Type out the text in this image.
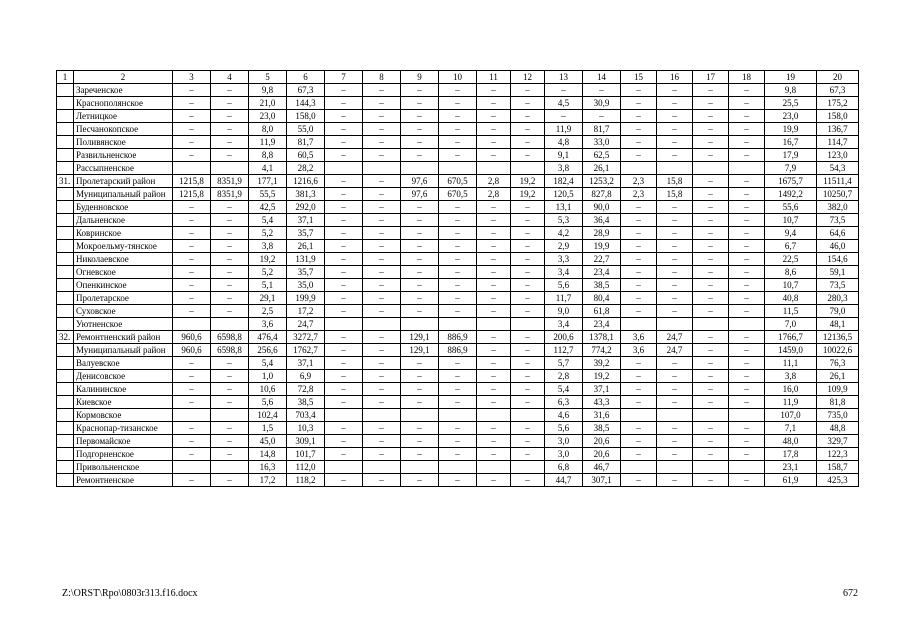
1	2	3	4	5	6	7	8	9	10	11	12	13	14	15	16	17	18	19	20
	Зареченское	–	–	9,8	67,3	–	–	–	–	–	–	–	–	–	–	–	–	9,8	67,3
	Краснополянское	–	–	21,0	144,3	–	–	–	–	–	–	4,5	30,9	–	–	–	–	25,5	175,2
	Летницкое	–	–	23,0	158,0	–	–	–	–	–	–	–	–	–	–	–	–	23,0	158,0
	Песчанокопское	–	–	8,0	55,0	–	–	–	–	–	–	11,9	81,7	–	–	–	–	19,9	136,7
	Поливянское	–	–	11,9	81,7	–	–	–	–	–	–	4,8	33,0	–	–	–	–	16,7	114,7
	Развильненское	–	–	8,8	60,5	–	–	–	–	–	–	9,1	62,5	–	–	–	–	17,9	123,0
	Рассыпненское			4,1	28,2							3,8	26,1					7,9	54,3
31.	Пролетарский район	1215,8	8351,9	177,1	1216,6	–	–	97,6	670,5	2,8	19,2	182,4	1253,2	2,3	15,8	–	–	1675,7	11511,4
	Муниципальный район	1215,8	8351,9	55,5	381,3	–	–	97,6	670,5	2,8	19,2	120,5	827,8	2,3	15,8	–	–	1492,2	10250,7
	Буденновское	–	–	42,5	292,0	–	–	–	–	–	–	13,1	90,0	–	–	–	–	55,6	382,0
	Дальненское	–	–	5,4	37,1	–	–	–	–	–	–	5,3	36,4	–	–	–	–	10,7	73,5
	Ковринское	–	–	5,2	35,7	–	–	–	–	–	–	4,2	28,9	–	–	–	–	9,4	64,6
	Мокроельму-тянское	–	–	3,8	26,1	–	–	–	–	–	–	2,9	19,9	–	–	–	–	6,7	46,0
	Николаевское	–	–	19,2	131,9	–	–	–	–	–	–	3,3	22,7	–	–	–	–	22,5	154,6
	Огневское	–	–	5,2	35,7	–	–	–	–	–	–	3,4	23,4	–	–	–	–	8,6	59,1
	Опенкинское	–	–	5,1	35,0	–	–	–	–	–	–	5,6	38,5	–	–	–	–	10,7	73,5
	Пролетарское	–	–	29,1	199,9	–	–	–	–	–	–	11,7	80,4	–	–	–	–	40,8	280,3
	Суховское	–	–	2,5	17,2	–	–	–	–	–	–	9,0	61,8	–	–	–	–	11,5	79,0
	Уютненское			3,6	24,7							3,4	23,4					7,0	48,1
32.	Ремонтненский район	960,6	6598,8	476,4	3272,7	–	–	129,1	886,9	–	–	200,6	1378,1	3,6	24,7	–	–	1766,7	12136,5
	Муниципальный район	960,6	6598,8	256,6	1762,7	–	–	129,1	886,9	–	–	112,7	774,2	3,6	24,7	–	–	1459,0	10022,6
	Валуевское	–	–	5,4	37,1	–	–	–	–	–	–	5,7	39,2	–	–	–	–	11,1	76,3
	Денисовское	–	–	1,0	6,9	–	–	–	–	–	–	2,8	19,2	–	–	–	–	3,8	26,1
	Калининское	–	–	10,6	72,8	–	–	–	–	–	–	5,4	37,1	–	–	–	–	16,0	109,9
	Киевское	–	–	5,6	38,5	–	–	–	–	–	–	6,3	43,3	–	–	–	–	11,9	81,8
	Кормовское			102,4	703,4							4,6	31,6					107,0	735,0
	Краснопар-тизанское	–	–	1,5	10,3	–	–	–	–	–	–	5,6	38,5	–	–	–	–	7,1	48,8
	Первомайское	–	–	45,0	309,1	–	–	–	–	–	–	3,0	20,6	–	–	–	–	48,0	329,7
	Подгорненское	–	–	14,8	101,7	–	–	–	–	–	–	3,0	20,6	–	–	–	–	17,8	122,3
	Привольненское			16,3	112,0							6,8	46,7					23,1	158,7
	Ремонтненское	–	–	17,2	118,2	–	–	–	–	–	–	44,7	307,1	–	–	–	–	61,9	425,3
Z:\ORST\Rpo\0803r313.f16.docx	672
